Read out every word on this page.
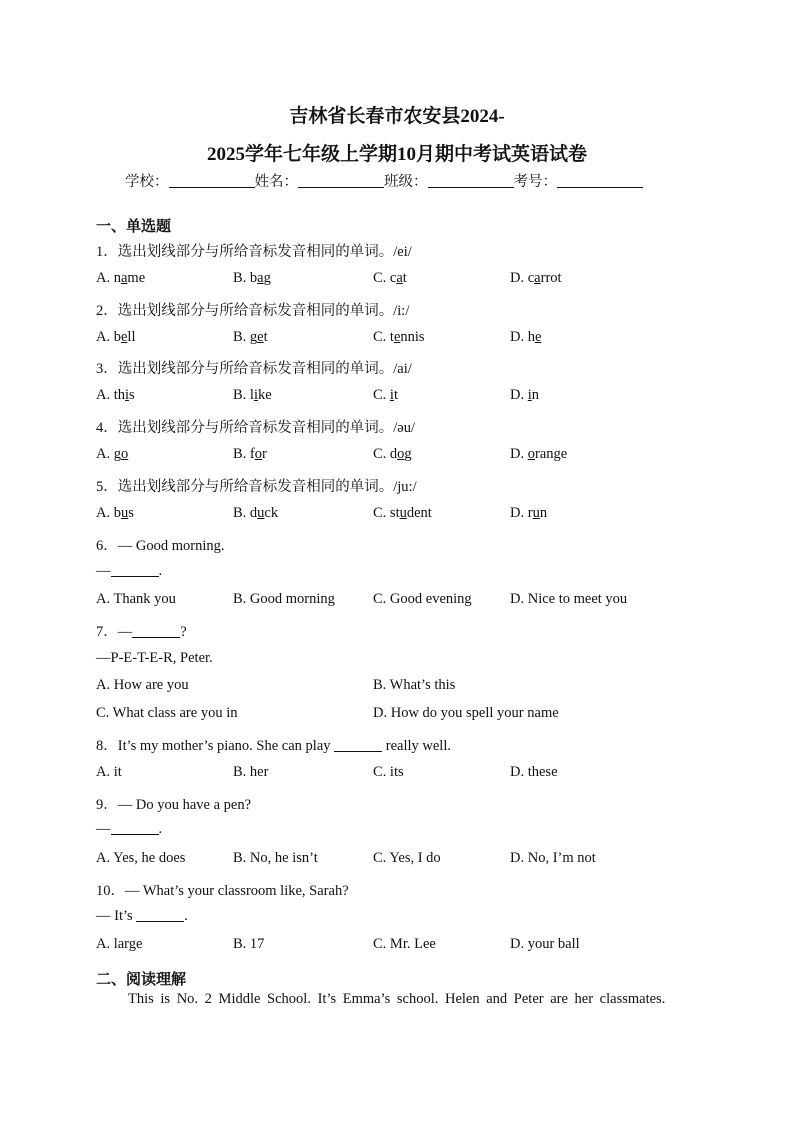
吉林省长春市农安县2024-
2025学年七年级上学期10月期中考试英语试卷
学校：	姓名：	班级：	考号：
一、单选题
1．选出划线部分与所给音标发音相同的单词。/ei/
A. name	B. bag	C. cat	D. carrot
2．选出划线部分与所给音标发音相同的单词。/i:/
A. bell	B. get	C. tennis	D. he
3．选出划线部分与所给音标发音相同的单词。/ai/
A. this	B. like	C. it	D. in
4．选出划线部分与所给音标发音相同的单词。/əu/
A. go	B. for	C. dog	D. orange
5．选出划线部分与所给音标发音相同的单词。/ju:/
A. bus	B. duck	C. student	D. run
6．— Good morning.
—	.
A. Thank you	B. Good morning	C. Good evening	D. Nice to meet you
7．—	?
—P-E-T-E-R, Peter.
A. How are you	B. What’s this
C. What class are you in	D. How do you spell your name
8．It’s my mother’s piano. She can play	really well.
A. it	B. her	C. its	D. these
9．— Do you have a pen?
—	.
A. Yes, he does	B. No, he isn’t	C. Yes, I do	D. No, I’m not
10．— What’s your classroom like, Sarah?
— It’s	.
A. large	B. 17	C. Mr. Lee	D. your ball
二、阅读理解
This is No. 2 Middle School. It’s Emma’s school. Helen and Peter are her classmates.
